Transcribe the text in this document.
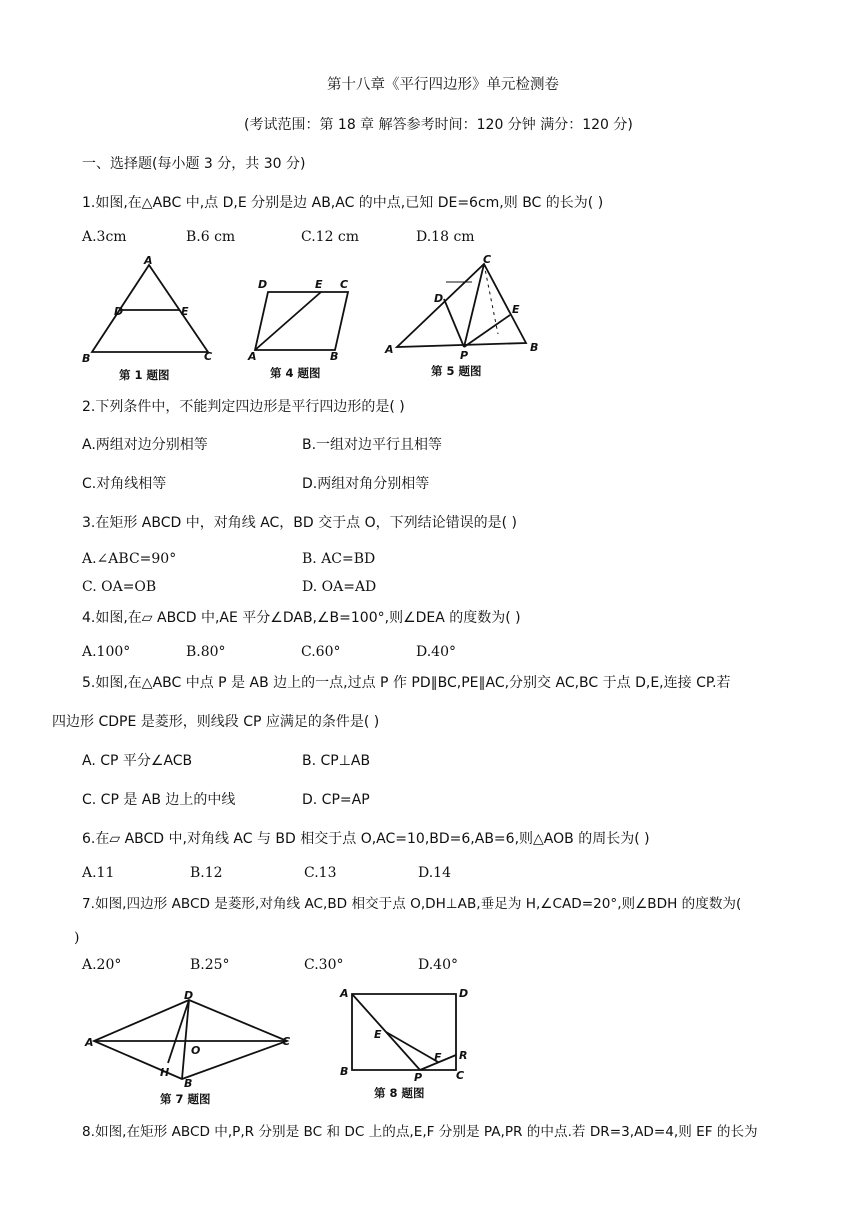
第十八章《平行四边形》单元检测卷
(考试范围：第 18 章 解答参考时间：120 分钟 满分：120 分)
一、选择题(每小题 3 分，共 30 分)
1.如图,在△ABC 中,点 D,E 分别是边 AB,AC 的中点,已知 DE=6cm,则 BC 的长为( )
A.3cm	B.6 cm	C.12 cm	D.18 cm
A
B	C
D	E
第 1 题图
D	E C
A	B
第 4 题图
C
D
E
A	B
P
第 5 题图
2.下列条件中，不能判定四边形是平行四边形的是( )
A.两组对边分别相等	B.一组对边平行且相等
C.对角线相等	D.两组对角分别相等
3.在矩形 ABCD 中，对角线 AC，BD 交于点 O，下列结论错误的是( )
A.∠ABC=90°	B. AC=BD
C. OA=OB	D. OA=AD
4.如图,在▱ ABCD 中,AE 平分∠DAB,∠B=100°,则∠DEA 的度数为( )
A.100°	B.80°	C.60°	D.40°
5.如图,在△ABC 中点 P 是 AB 边上的一点,过点 P 作 PD∥BC,PE∥AC,分别交 AC,BC 于点 D,E,连接 CP.若
四边形 CDPE 是菱形，则线段 CP 应满足的条件是( )
A. CP 平分∠ACB	B. CP⊥AB
C. CP 是 AB 边上的中线	D. CP=AP
6.在▱ ABCD 中,对角线 AC 与 BD 相交于点 O,AC=10,BD=6,AB=6,则△AOB 的周长为( )
A.11	B.12	C.13	D.14
7.如图,四边形 ABCD 是菱形,对角线 AC,BD 相交于点 O,DH⊥AB,垂足为 H,∠CAD=20°,则∠BDH 的度数为(
)
A.20°	B.25°	C.30°	D.40°
D
A	C
O
H
B
第 7 题图
A	D
E
F R
B	C
P
第 8 题图
8.如图,在矩形 ABCD 中,P,R 分别是 BC 和 DC 上的点,E,F 分别是 PA,PR 的中点.若 DR=3,AD=4,则 EF 的长为
